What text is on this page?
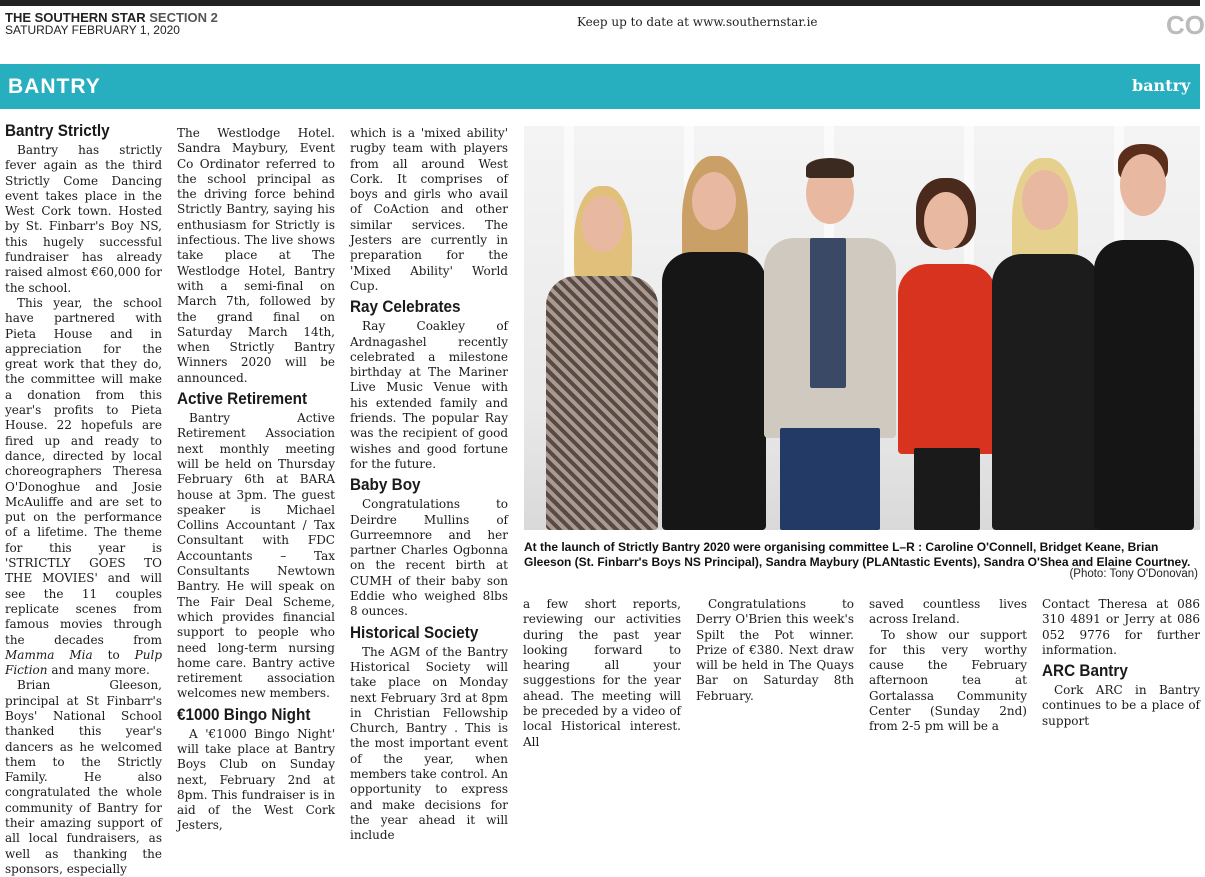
THE SOUTHERN STAR SECTION 2
SATURDAY FEBRUARY 1, 2020
Keep up to date at www.southernstar.ie	CO
BANTRY	bantry
Bantry Strictly

Bantry has strictly fever again as the third Strictly Come Dancing event takes place in the West Cork town. Hosted by St. Finbarr's Boy NS, this hugely successful fundraiser has already raised almost €60,000 for the school.

This year, the school have partnered with Pieta House and in appreciation for the great work that they do, the committee will make a donation from this year's profits to Pieta House. 22 hopefuls are fired up and ready to dance, directed by local choreographers Theresa O'Donoghue and Josie McAuliffe and are set to put on the performance of a lifetime. The theme for this year is 'STRICTLY GOES TO THE MOVIES' and will see the 11 couples replicate scenes from famous movies through the decades from Mamma Mia to Pulp Fiction and many more.

Brian Gleeson, principal at St Finbarr's Boys' National School thanked this year's dancers as he welcomed them to the Strictly Family. He also congratulated the whole community of Bantry for their amazing support of all local fundraisers, as well as thanking the sponsors, especially

The Westlodge Hotel. Sandra Maybury, Event Co Ordinator referred to the school principal as the driving force behind Strictly Bantry, saying his enthusiasm for Strictly is infectious. The live shows take place at The Westlodge Hotel, Bantry with a semi-final on March 7th, followed by the grand final on Saturday March 14th, when Strictly Bantry Winners 2020 will be announced.

Active Retirement

Bantry Active Retirement Association next monthly meeting will be held on Thursday February 6th at BARA house at 3pm. The guest speaker is Michael Collins Accountant / Tax Consultant with FDC Accountants – Tax Consultants Newtown Bantry. He will speak on The Fair Deal Scheme, which provides financial support to people who need long-term nursing home care. Bantry active retirement association welcomes new members.

€1000 Bingo Night

A '€1000 Bingo Night' will take place at Bantry Boys Club on Sunday next, February 2nd at 8pm. This fundraiser is in aid of the West Cork Jesters,

which is a 'mixed ability' rugby team with players from all around West Cork. It comprises of boys and girls who avail of CoAction and other similar services. The Jesters are currently in preparation for the 'Mixed Ability' World Cup.

Ray Celebrates

Ray Coakley of Ardnagashel recently celebrated a milestone birthday at The Mariner Live Music Venue with his extended family and friends. The popular Ray was the recipient of good wishes and good fortune for the future.

Baby Boy

Congratulations to Deirdre Mullins of Gurreemnore and her partner Charles Ogbonna on the recent birth at CUMH of their baby son Eddie who weighed 8lbs 8 ounces.

Historical Society

The AGM of the Bantry Historical Society will take place on Monday next February 3rd at 8pm in Christian Fellowship Church, Bantry . This is the most important event of the year, when members take control. An opportunity to express and make decisions for the year ahead it will include

At the launch of Strictly Bantry 2020 were organising committee L–R : Caroline O'Connell, Bridget Keane, Brian Gleeson (St. Finbarr's Boys NS Principal), Sandra Maybury (PLANtastic Events), Sandra O'Shea and Elaine Courtney.
(Photo: Tony O'Donovan)

a few short reports, reviewing our activities during the past year looking forward to hearing all your suggestions for the year ahead. The meeting will be preceded by a video of local Historical interest. All

Congratulations to Derry O'Brien this week's Spilt the Pot winner. Prize of €380. Next draw will be held in The Quays Bar on Saturday 8th February.

saved countless lives across Ireland.

To show our support for this very worthy cause the February afternoon tea at Gortalassa Community Center (Sunday 2nd) from 2-5 pm will be a

Contact Theresa at 086 310 4891 or Jerry at 086 052 9776 for further information.

ARC Bantry

Cork ARC in Bantry continues to be a place of support
